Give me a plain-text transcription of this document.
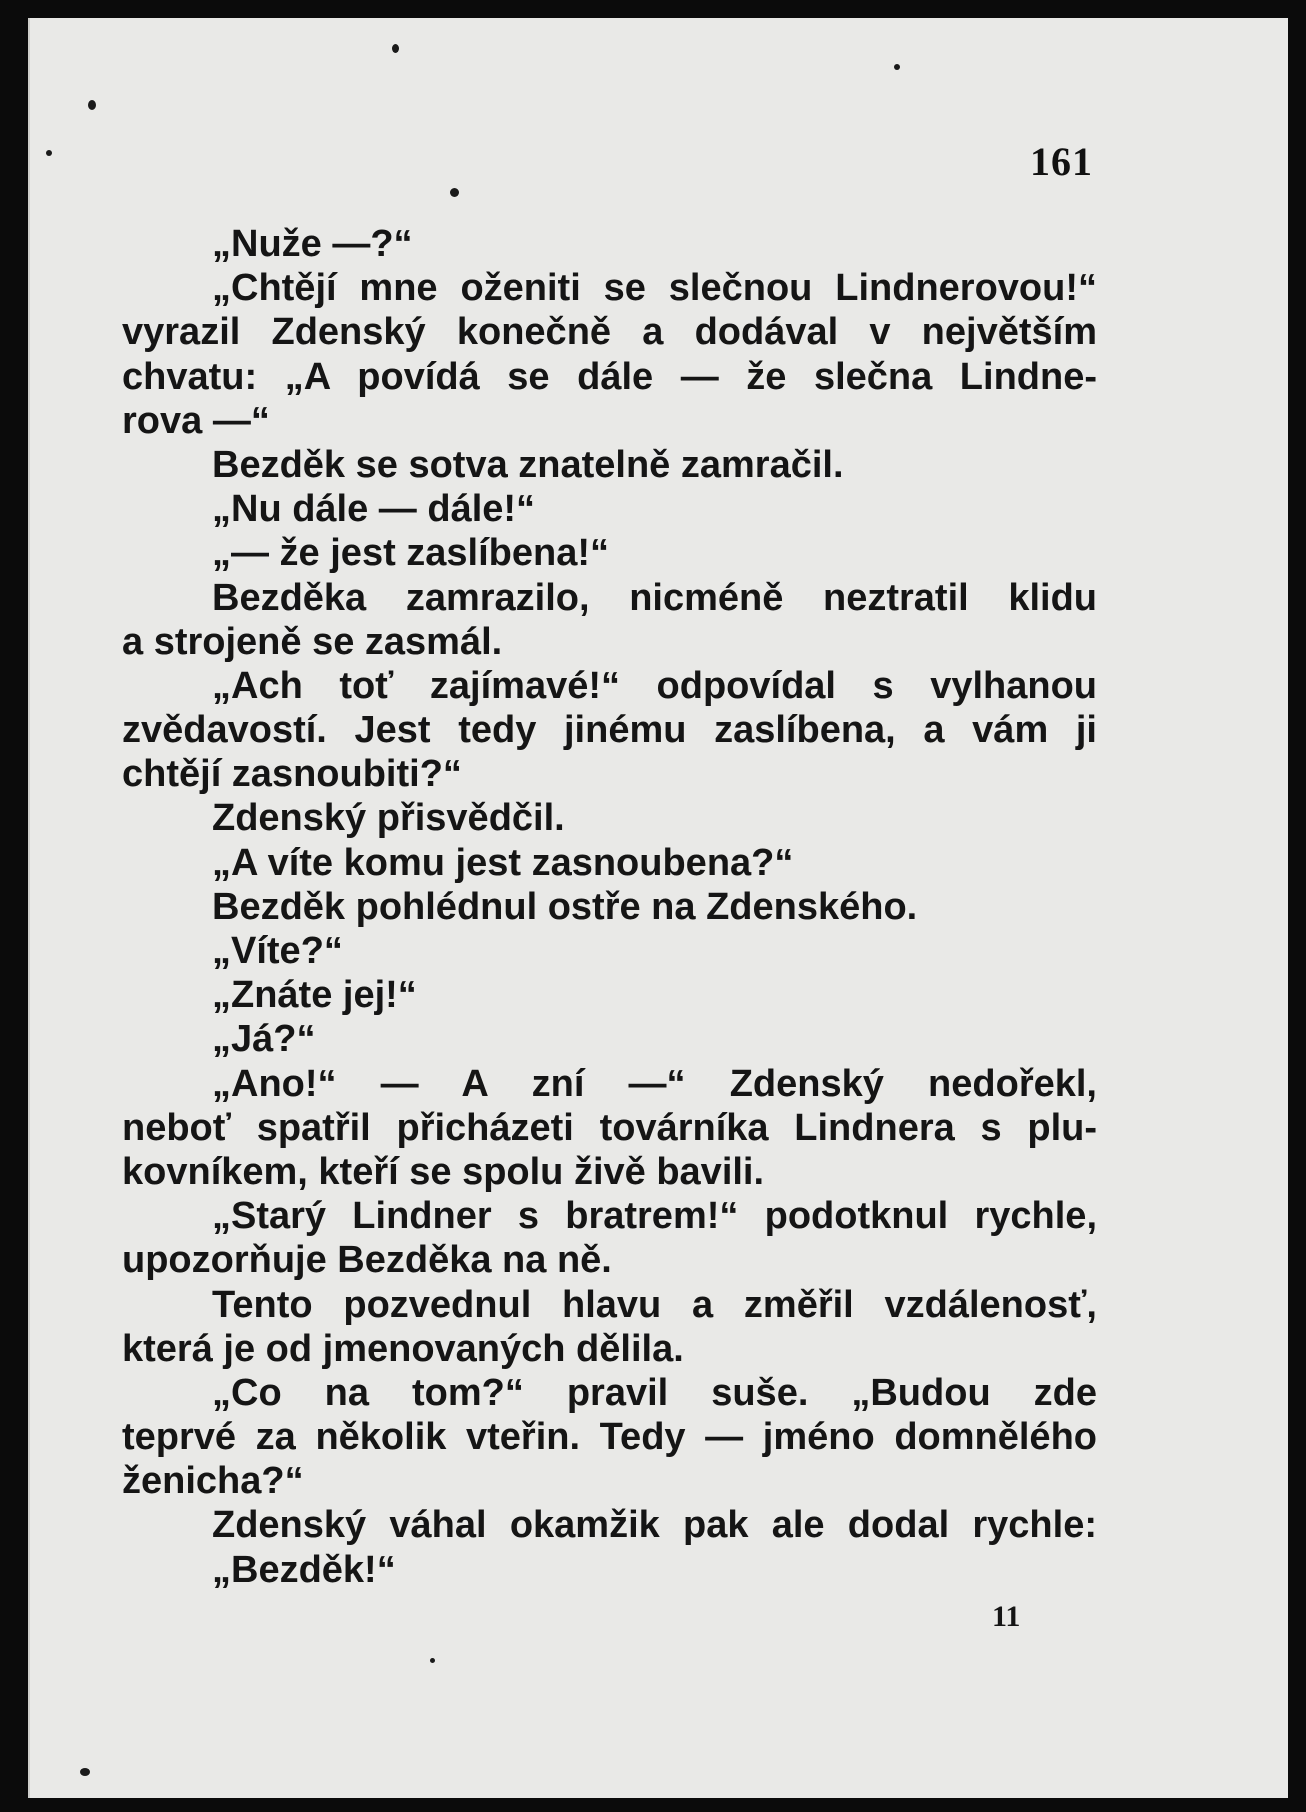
161
„Nuže —?“
„Chtějí mne oženiti se slečnou Lindnerovou!“
vyrazil Zdenský konečně a dodával v největším
chvatu: „A povídá se dále — že slečna Lindne-
rova —“
Bezděk se sotva znatelně zamračil.
„Nu dále — dále!“
„— že jest zaslíbena!“
Bezděka zamrazilo, nicméně neztratil klidu
a strojeně se zasmál.
„Ach toť zajímavé!“ odpovídal s vylhanou
zvědavostí. Jest tedy jinému zaslíbena, a vám ji
chtějí zasnoubiti?“
Zdenský přisvědčil.
„A víte komu jest zasnoubena?“
Bezděk pohlédnul ostře na Zdenského.
„Víte?“
„Znáte jej!“
„Já?“
„Ano!“ — A zní —“ Zdenský nedořekl,
neboť spatřil přicházeti továrníka Lindnera s plu-
kovníkem, kteří se spolu živě bavili.
„Starý Lindner s bratrem!“ podotknul rychle,
upozorňuje Bezděka na ně.
Tento pozvednul hlavu a změřil vzdálenosť,
která je od jmenovaných dělila.
„Co na tom?“ pravil suše. „Budou zde
teprvé za několik vteřin. Tedy — jméno domnělého
ženicha?“
Zdenský váhal okamžik pak ale dodal rychle:
„Bezděk!“
11
